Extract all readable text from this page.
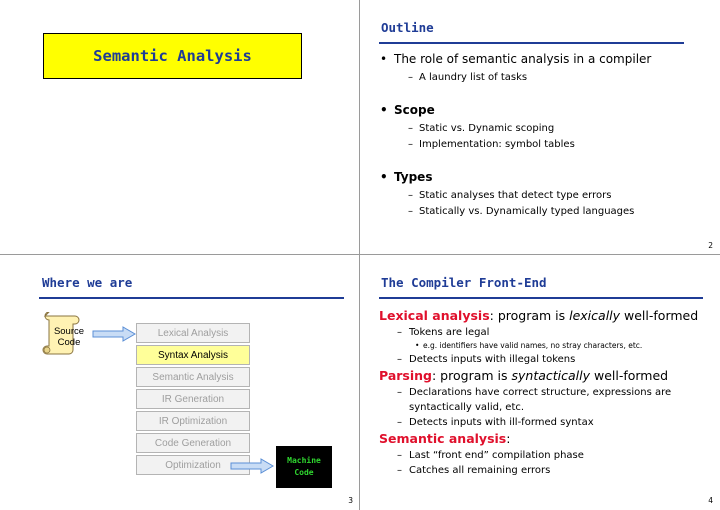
Semantic Analysis
Outline
• The role of semantic analysis in a compiler
– A laundry list of tasks
• Scope
– Static vs. Dynamic scoping
– Implementation: symbol tables
• Types
– Static analyses that detect type errors
– Statically vs. Dynamically typed languages
2
Where we are
Source
Code
Lexical Analysis
Syntax Analysis
Semantic Analysis
IR Generation
IR Optimization
Code Generation
Optimization	Machine
Code
3
The Compiler Front-End
Lexical analysis: program is lexically well-formed
– Tokens are legal
• e.g. identifiers have valid names, no stray characters, etc.
– Detects inputs with illegal tokens
Parsing: program is syntactically well-formed
– Declarations have correct structure, expressions are syntactically valid, etc.
– Detects inputs with ill-formed syntax
Semantic analysis:
– Last “front end” compilation phase
– Catches all remaining errors
4
